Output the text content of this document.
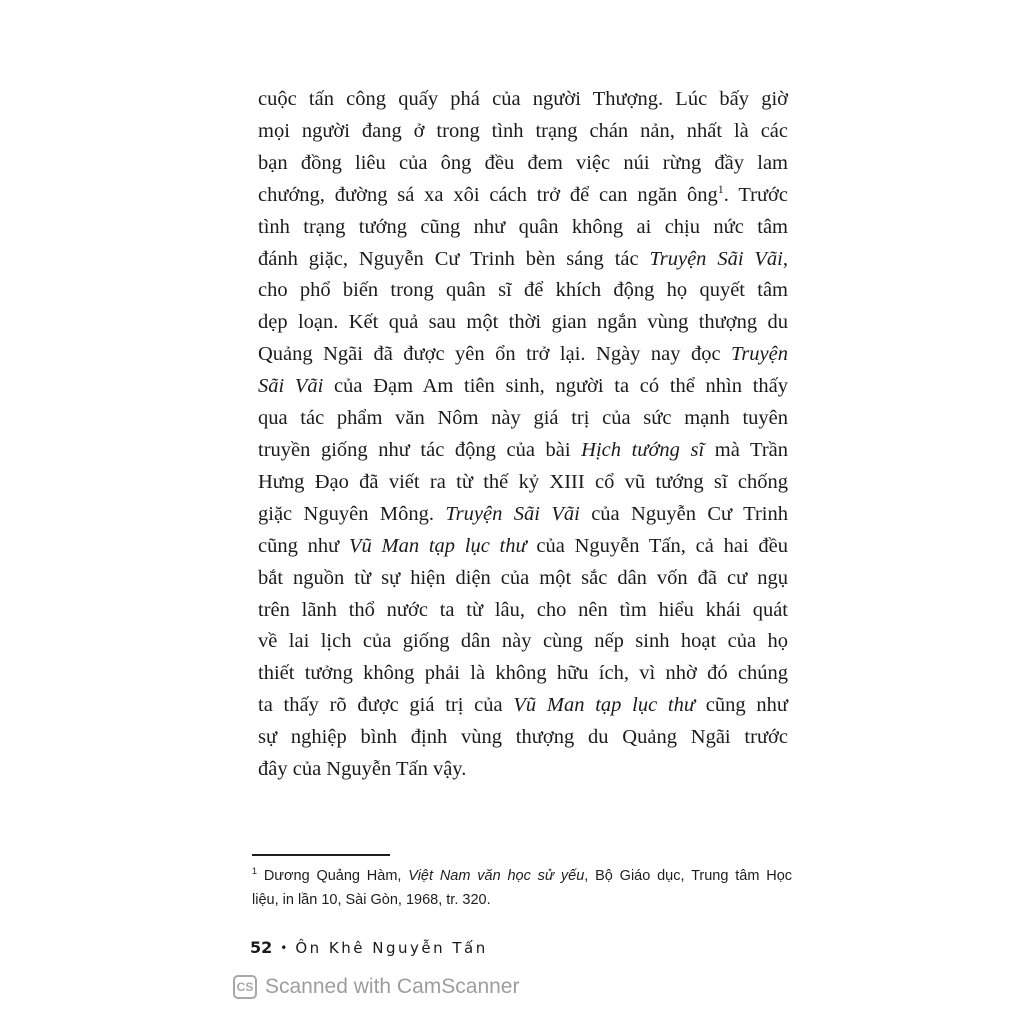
cuộc tấn công quấy phá của người Thượng. Lúc bấy giờ
mọi người đang ở trong tình trạng chán nản, nhất là các
bạn đồng liêu của ông đều đem việc núi rừng đầy lam
chướng, đường sá xa xôi cách trở để can ngăn ông$^1$. Trước
tình trạng tướng cũng như quân không ai chịu nức tâm
đánh giặc, Nguyễn Cư Trinh bèn sáng tác Truyện Sãi Vãi,
cho phổ biến trong quân sĩ để khích động họ quyết tâm
dẹp loạn. Kết quả sau một thời gian ngắn vùng thượng du
Quảng Ngãi đã được yên ổn trở lại. Ngày nay đọc Truyện
Sãi Vãi của Đạm Am tiên sinh, người ta có thể nhìn thấy
qua tác phẩm văn Nôm này giá trị của sức mạnh tuyên
truyền giống như tác động của bài Hịch tướng sĩ mà Trần
Hưng Đạo đã viết ra từ thế kỷ XIII cổ vũ tướng sĩ chống
giặc Nguyên Mông. Truyện Sãi Vãi của Nguyễn Cư Trinh
cũng như Vũ Man tạp lục thư của Nguyễn Tấn, cả hai đều
bắt nguồn từ sự hiện diện của một sắc dân vốn đã cư ngụ
trên lãnh thổ nước ta từ lâu, cho nên tìm hiểu khái quát
về lai lịch của giống dân này cùng nếp sinh hoạt của họ
thiết tưởng không phải là không hữu ích, vì nhờ đó chúng
ta thấy rõ được giá trị của Vũ Man tạp lục thư cũng như
sự nghiệp bình định vùng thượng du Quảng Ngãi trước
đây của Nguyễn Tấn vậy.
$^1$ Dương Quảng Hàm, Việt Nam văn học sử yếu, Bộ Giáo dục, Trung tâm Học
liệu, in lần 10, Sài Gòn, 1968, tr. 320.
52 • Ôn Khê Nguyễn Tấn
CS Scanned with CamScanner
